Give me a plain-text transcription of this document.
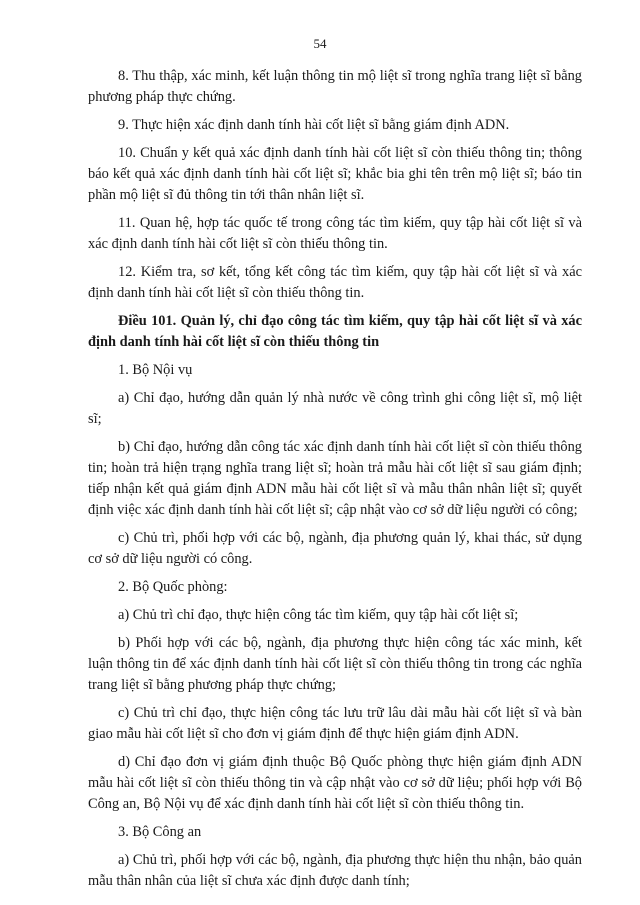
54

8. Thu thập, xác minh, kết luận thông tin mộ liệt sĩ trong nghĩa trang liệt sĩ bằng phương pháp thực chứng.

9. Thực hiện xác định danh tính hài cốt liệt sĩ bằng giám định ADN.

10. Chuẩn y kết quả xác định danh tính hài cốt liệt sĩ còn thiếu thông tin; thông báo kết quả xác định danh tính hài cốt liệt sĩ; khắc bia ghi tên trên mộ liệt sĩ; báo tin phần mộ liệt sĩ đủ thông tin tới thân nhân liệt sĩ.

11. Quan hệ, hợp tác quốc tế trong công tác tìm kiếm, quy tập hài cốt liệt sĩ và xác định danh tính hài cốt liệt sĩ còn thiếu thông tin.

12. Kiểm tra, sơ kết, tổng kết công tác tìm kiếm, quy tập hài cốt liệt sĩ và xác định danh tính hài cốt liệt sĩ còn thiếu thông tin.

Điều 101. Quản lý, chỉ đạo công tác tìm kiếm, quy tập hài cốt liệt sĩ và xác định danh tính hài cốt liệt sĩ còn thiếu thông tin

1. Bộ Nội vụ

a) Chỉ đạo, hướng dẫn quản lý nhà nước về công trình ghi công liệt sĩ, mộ liệt sĩ;

b) Chỉ đạo, hướng dẫn công tác xác định danh tính hài cốt liệt sĩ còn thiếu thông tin; hoàn trả hiện trạng nghĩa trang liệt sĩ; hoàn trả mẫu hài cốt liệt sĩ sau giám định; tiếp nhận kết quả giám định ADN mẫu hài cốt liệt sĩ và mẫu thân nhân liệt sĩ; quyết định việc xác định danh tính hài cốt liệt sĩ; cập nhật vào cơ sở dữ liệu người có công;

c) Chủ trì, phối hợp với các bộ, ngành, địa phương quản lý, khai thác, sử dụng cơ sở dữ liệu người có công.

2. Bộ Quốc phòng:

a) Chủ trì chỉ đạo, thực hiện công tác tìm kiếm, quy tập hài cốt liệt sĩ;

b) Phối hợp với các bộ, ngành, địa phương thực hiện công tác xác minh, kết luận thông tin để xác định danh tính hài cốt liệt sĩ còn thiếu thông tin trong các nghĩa trang liệt sĩ bằng phương pháp thực chứng;

c) Chủ trì chỉ đạo, thực hiện công tác lưu trữ lâu dài mẫu hài cốt liệt sĩ và bàn giao mẫu hài cốt liệt sĩ cho đơn vị giám định để thực hiện giám định ADN.

d) Chỉ đạo đơn vị giám định thuộc Bộ Quốc phòng thực hiện giám định ADN mẫu hài cốt liệt sĩ còn thiếu thông tin và cập nhật vào cơ sở dữ liệu; phối hợp với Bộ Công an, Bộ Nội vụ để xác định danh tính hài cốt liệt sĩ còn thiếu thông tin.

3. Bộ Công an

a) Chủ trì, phối hợp với các bộ, ngành, địa phương thực hiện thu nhận, bảo quản mẫu thân nhân của liệt sĩ chưa xác định được danh tính;
